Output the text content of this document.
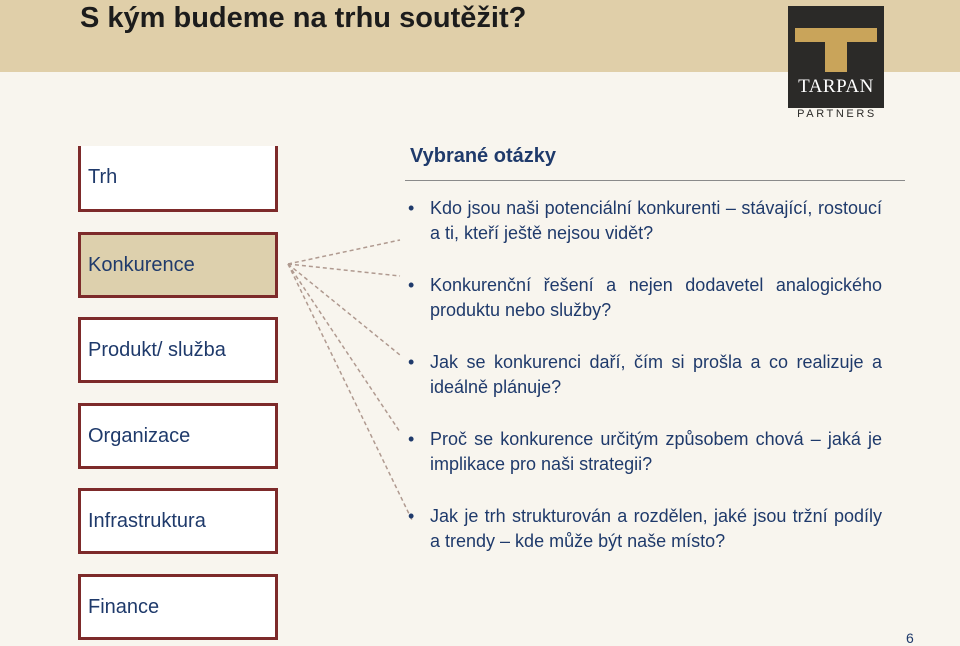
S kým budeme na trhu soutěžit?
TARPAN
PARTNERS
Trh
Konkurence
Produkt/ služba
Organizace
Infrastruktura
Finance
Vybrané otázky

• Kdo jsou naši potenciální konkurenti – stávající, rostoucí a ti, kteří ještě nejsou vidět?

• Konkurenční řešení a nejen dodavetel analogického produktu nebo služby?

• Jak se konkurenci daří, čím si prošla a co realizuje a ideálně plánuje?

• Proč se konkurence určitým způsobem chová – jaká je implikace pro naši strategii?

• Jak je trh strukturován a rozdělen, jaké jsou tržní podíly a trendy – kde může být naše místo?

6
